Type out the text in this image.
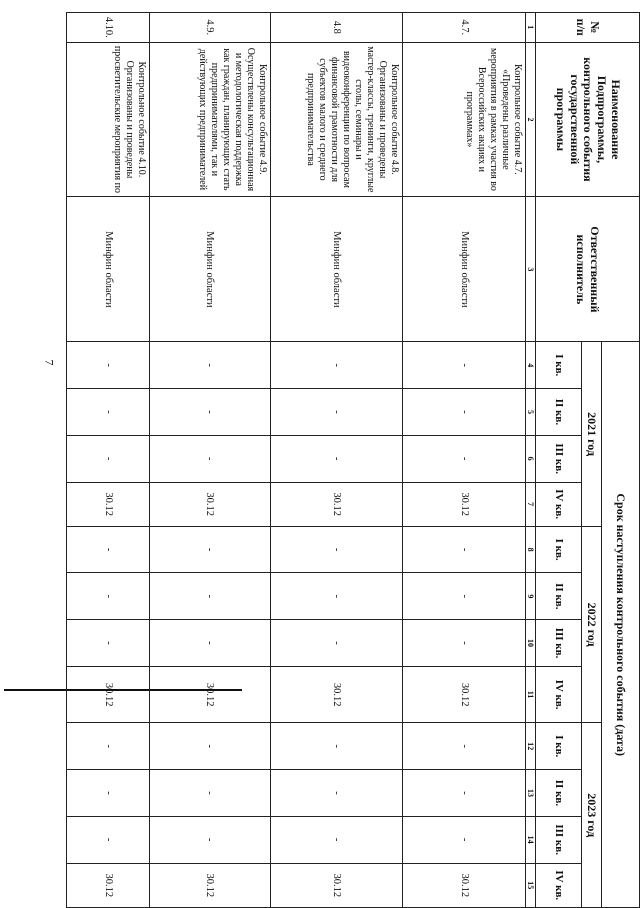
7
№ п/п	Наименование Подпрограммы, контрольного события государственной программы	Ответственный исполнитель	Срок наступления контрольного события (дата)											
			2021 год				2022 год				2023 год			
			I кв.	II кв.	III кв.	IV кв.	I кв.	II кв.	III кв.	IV кв.	I кв.	II кв.	III кв.	IV кв.
1	2	3	4	5	6	7	8	9	10	11	12	13	14	15
4.7.	Контрольное событие 4.7. «Проведены различные мероприятия в рамках участия во Всероссийских акциях и программах»	Минфин области	-	-	-	30.12	-	-	-	30.12	-	-	-	30.12
4.8	Контрольное событие 4.8. Организованы и проведены мастер-классы, тренинги, круглые столы, семинары и видеоконференции по вопросам финансовой грамотности для субъектов малого и среднего предпринимательства	Минфин области	-	-	-	30.12	-	-	-	30.12	-	-	-	30.12
4.9.	Контрольное событие 4.9. Осуществлены консультационная и методологическая поддержка как граждан, планирующих стать предпринимателями, так и действующих предпринимателей	Минфин области	-	-	-	30.12	-	-	-	30.12	-	-	-	30.12
4.10.	Контрольное событие 4.10. Организованы и проведены просветительские мероприятия по	Минфин области	-	-	-	30.12	-	-	-	30.12	-	-	-	30.12
